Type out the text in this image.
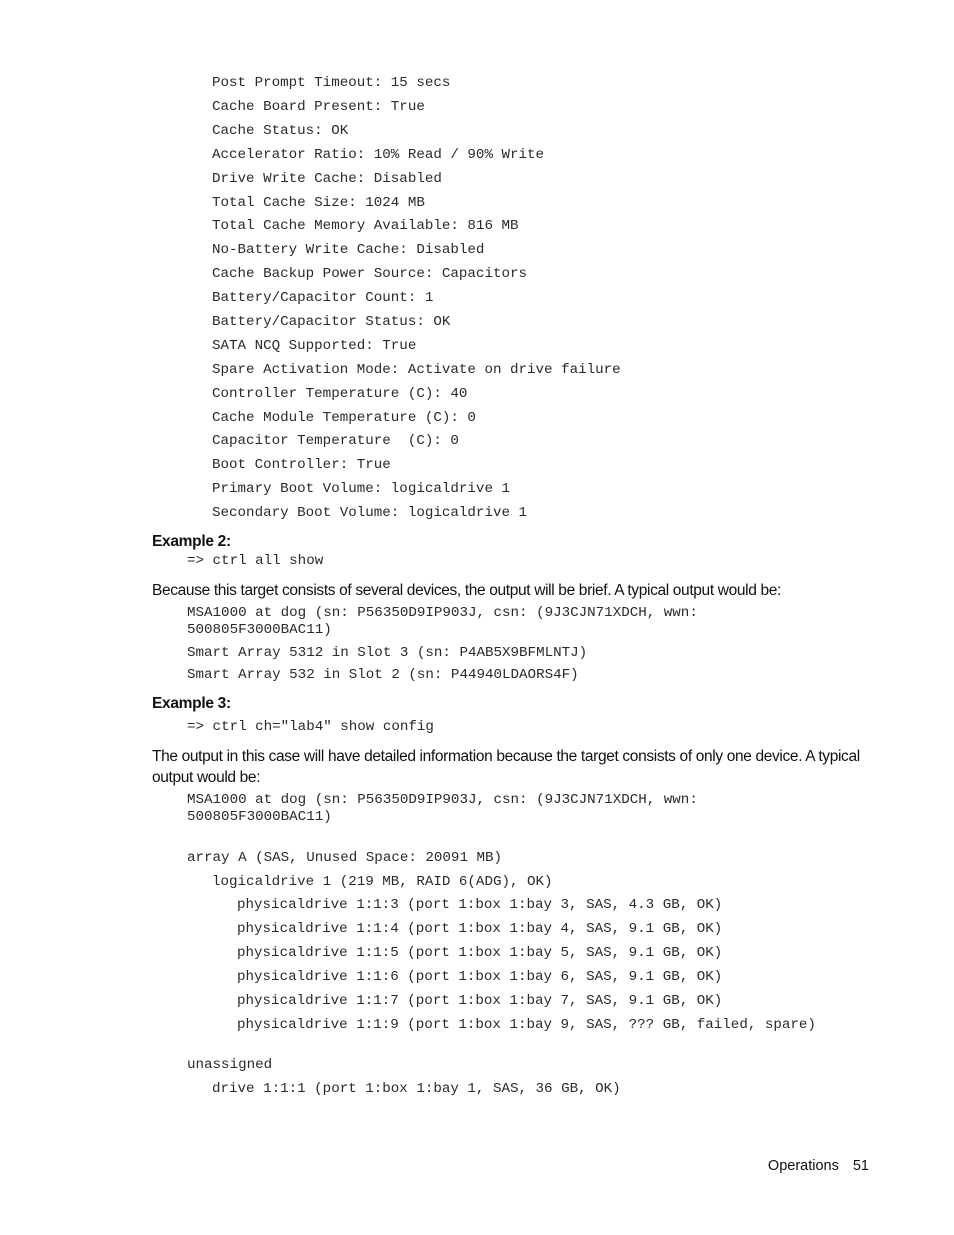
Post Prompt Timeout: 15 secs
Cache Board Present: True
Cache Status: OK
Accelerator Ratio: 10% Read / 90% Write
Drive Write Cache: Disabled
Total Cache Size: 1024 MB
Total Cache Memory Available: 816 MB
No-Battery Write Cache: Disabled
Cache Backup Power Source: Capacitors
Battery/Capacitor Count: 1
Battery/Capacitor Status: OK
SATA NCQ Supported: True
Spare Activation Mode: Activate on drive failure
Controller Temperature (C): 40
Cache Module Temperature (C): 0
Capacitor Temperature  (C): 0
Boot Controller: True
Primary Boot Volume: logicaldrive 1
Secondary Boot Volume: logicaldrive 1
Example 2:
=> ctrl all show
Because this target consists of several devices, the output will be brief. A typical output would be:
MSA1000 at dog (sn: P56350D9IP903J, csn: (9J3CJN71XDCH, wwn:
500805F3000BAC11)
Smart Array 5312 in Slot 3 (sn: P4AB5X9BFMLNTJ)
Smart Array 532 in Slot 2 (sn: P44940LDAORS4F)
Example 3:
=> ctrl ch="lab4" show config
The output in this case will have detailed information because the target consists of only one device. A typical
output would be:
MSA1000 at dog (sn: P56350D9IP903J, csn: (9J3CJN71XDCH, wwn:
500805F3000BAC11)
array A (SAS, Unused Space: 20091 MB)
logicaldrive 1 (219 MB, RAID 6(ADG), OK)
physicaldrive 1:1:3 (port 1:box 1:bay 3, SAS, 4.3 GB, OK)
physicaldrive 1:1:4 (port 1:box 1:bay 4, SAS, 9.1 GB, OK)
physicaldrive 1:1:5 (port 1:box 1:bay 5, SAS, 9.1 GB, OK)
physicaldrive 1:1:6 (port 1:box 1:bay 6, SAS, 9.1 GB, OK)
physicaldrive 1:1:7 (port 1:box 1:bay 7, SAS, 9.1 GB, OK)
physicaldrive 1:1:9 (port 1:box 1:bay 9, SAS, ??? GB, failed, spare)
unassigned
drive 1:1:1 (port 1:box 1:bay 1, SAS, 36 GB, OK)
Operations 51
